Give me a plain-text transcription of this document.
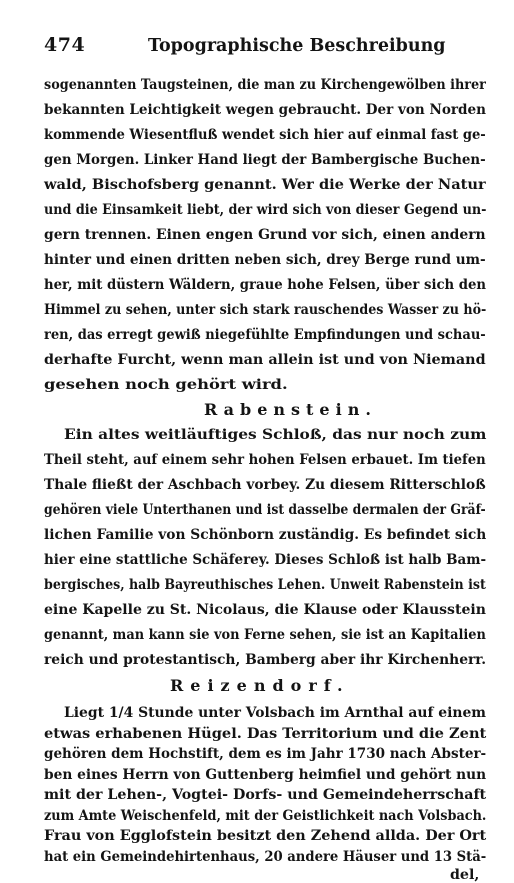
474	Topographische Beschreibung
sogenannten Taugsteinen, die man zu Kirchengewölben ihrer
bekannten Leichtigkeit wegen gebraucht. Der von Norden
kommende Wiesentfluß wendet sich hier auf einmal fast ge-
gen Morgen. Linker Hand liegt der Bambergische Buchen-
wald, Bischofsberg genannt. Wer die Werke der Natur
und die Einsamkeit liebt, der wird sich von dieser Gegend un-
gern trennen. Einen engen Grund vor sich, einen andern
hinter und einen dritten neben sich, drey Berge rund um-
her, mit düstern Wäldern, graue hohe Felsen, über sich den
Himmel zu sehen, unter sich stark rauschendes Wasser zu hö-
ren, das erregt gewiß niegefühlte Empfindungen und schau-
derhafte Furcht, wenn man allein ist und von Niemand
gesehen noch gehört wird.
Rabenstein.
Ein altes weitläuftiges Schloß, das nur noch zum
Theil steht, auf einem sehr hohen Felsen erbauet. Im tiefen
Thale fließt der Aschbach vorbey. Zu diesem Ritterschloß
gehören viele Unterthanen und ist dasselbe dermalen der Gräf-
lichen Familie von Schönborn zuständig. Es befindet sich
hier eine stattliche Schäferey. Dieses Schloß ist halb Bam-
bergisches, halb Bayreuthisches Lehen. Unweit Rabenstein ist
eine Kapelle zu St. Nicolaus, die Klause oder Klausstein
genannt, man kann sie von Ferne sehen, sie ist an Kapitalien
reich und protestantisch, Bamberg aber ihr Kirchenherr.
Reizendorf.
Liegt 1/4 Stunde unter Volsbach im Arnthal auf einem
etwas erhabenen Hügel. Das Territorium und die Zent
gehören dem Hochstift, dem es im Jahr 1730 nach Abster-
ben eines Herrn von Guttenberg heimfiel und gehört nun
mit der Lehen-, Vogtei- Dorfs- und Gemeindeherrschaft
zum Amte Weischenfeld, mit der Geistlichkeit nach Volsbach.
Frau von Egglofstein besitzt den Zehend allda. Der Ort
hat ein Gemeindehirtenhaus, 20 andere Häuser und 13 Stä-
del,
